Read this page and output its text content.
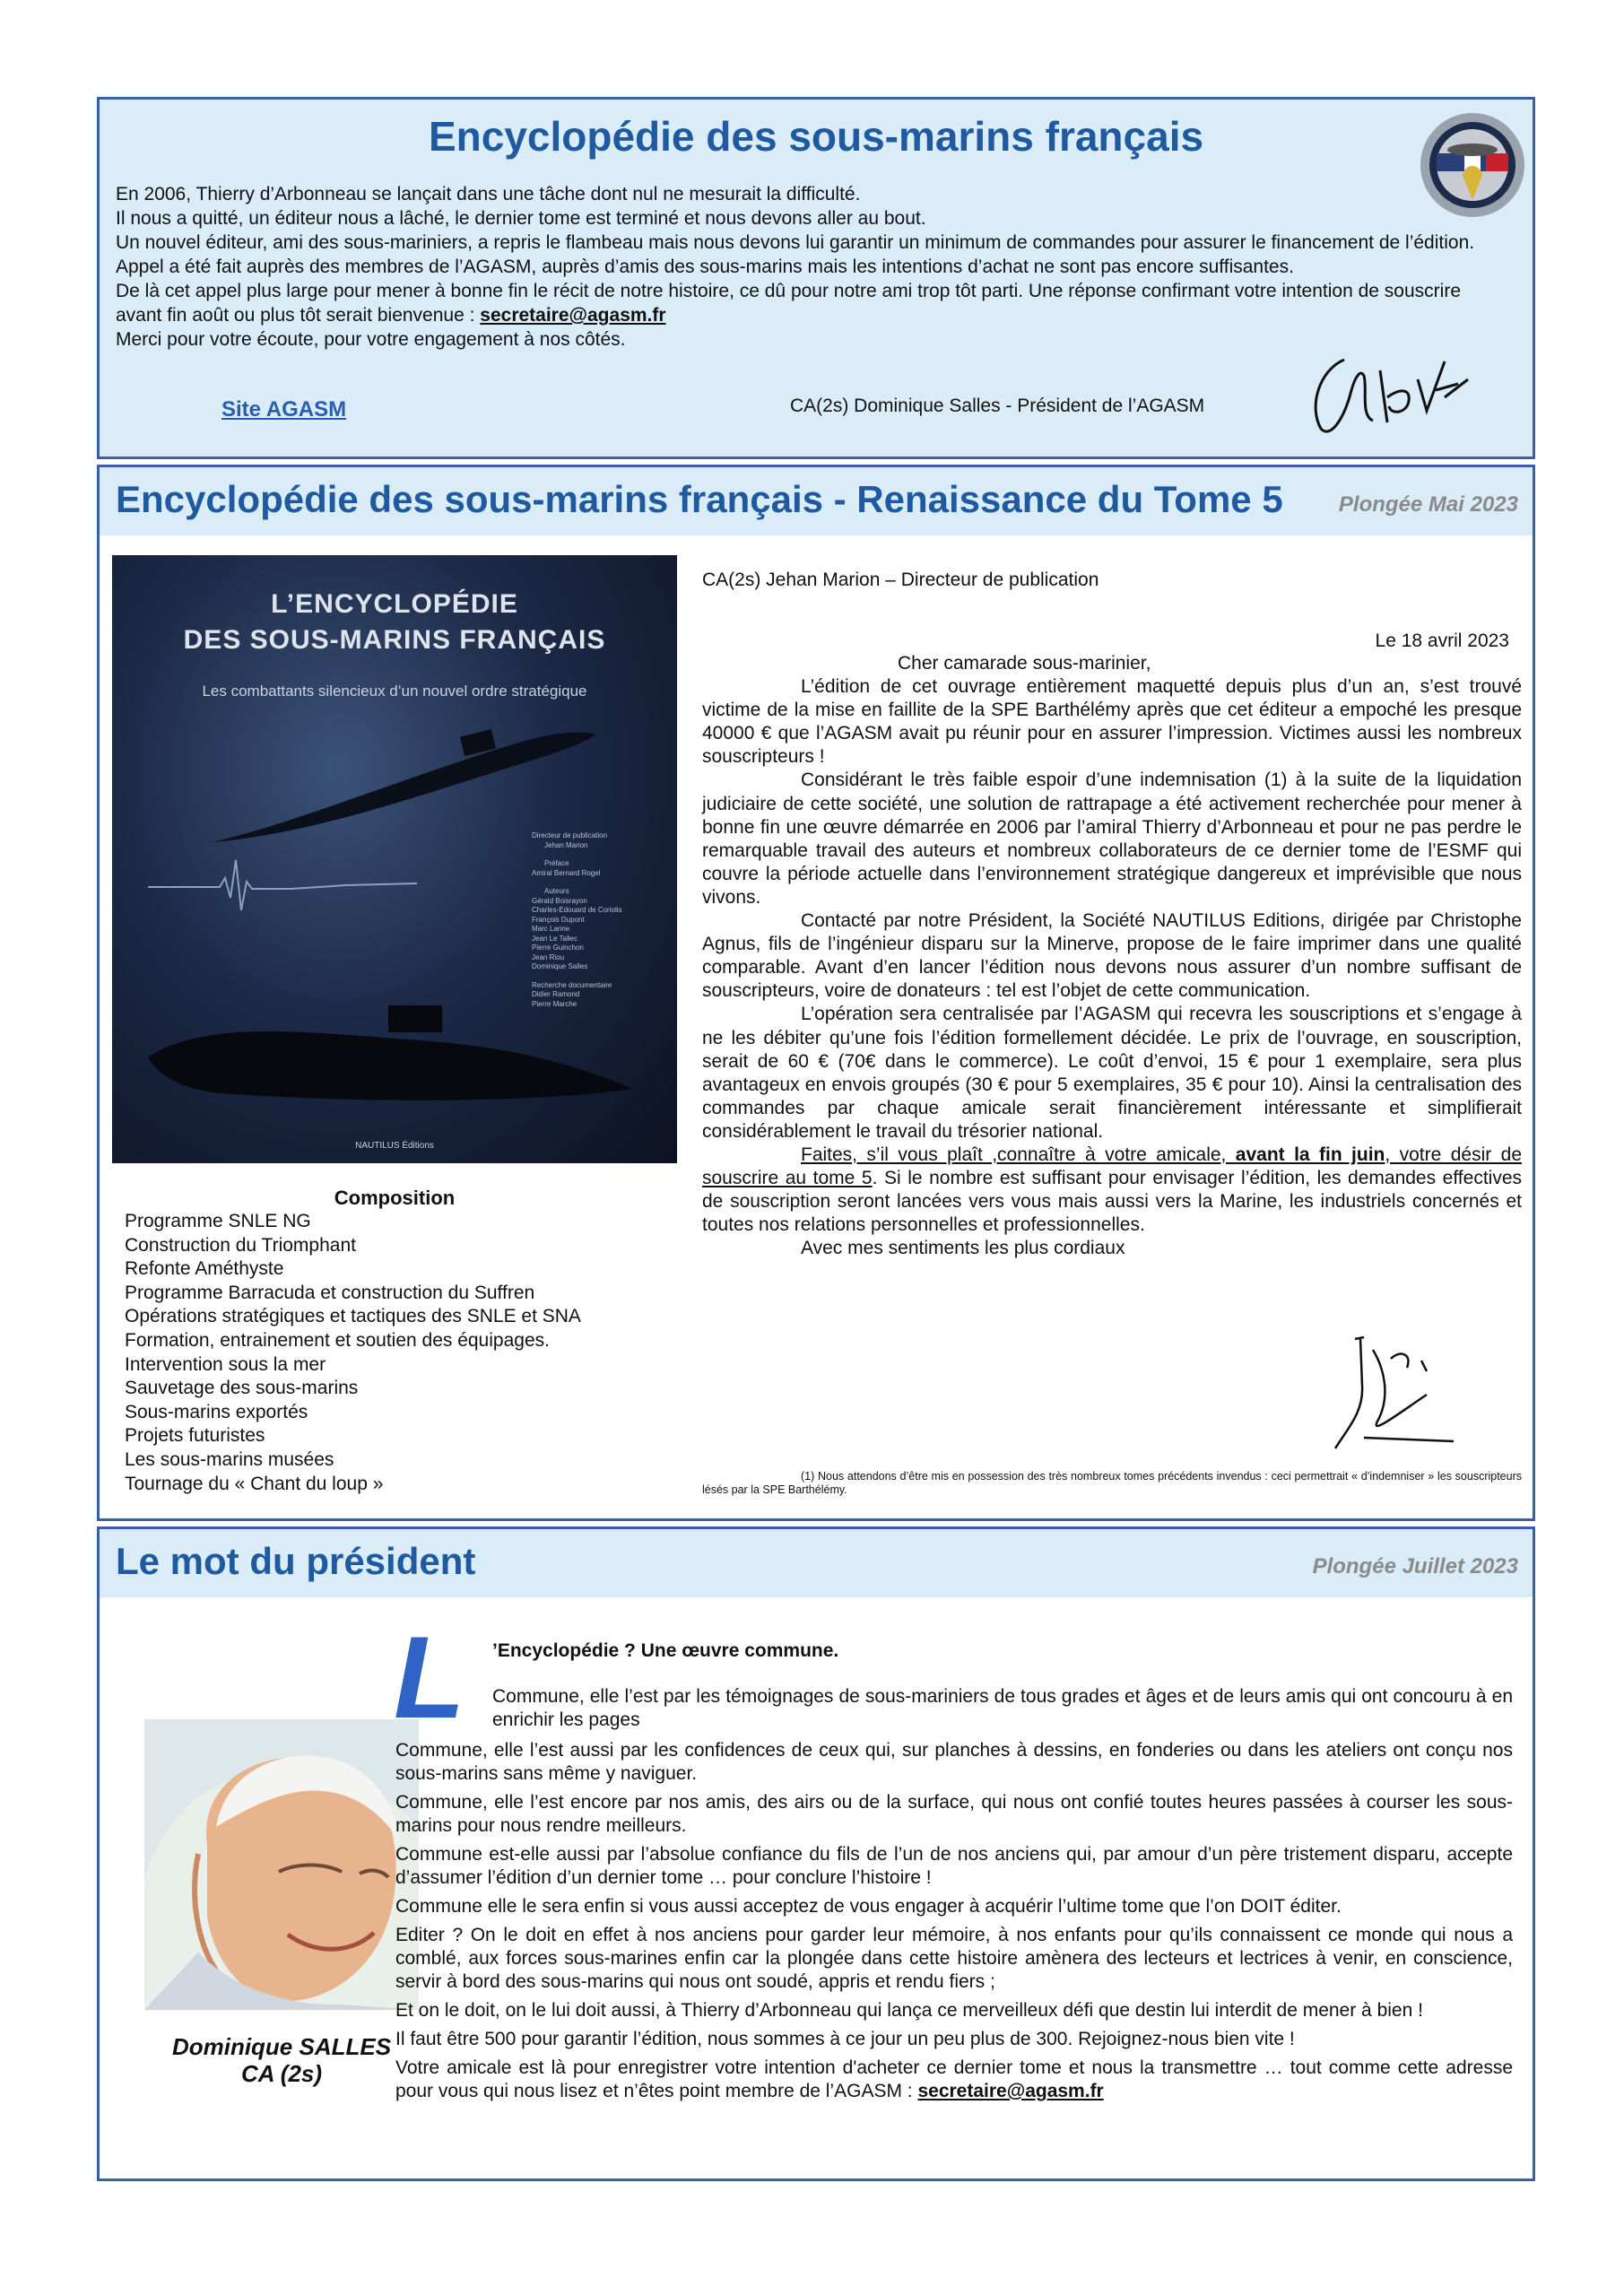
Encyclopédie des sous-marins français

En 2006, Thierry d’Arbonneau se lançait dans une tâche dont nul ne mesurait la difficulté.

Il nous a quitté, un éditeur nous a lâché, le dernier tome est terminé et nous devons aller au bout.

Un nouvel éditeur, ami des sous-mariniers, a repris le flambeau mais nous devons lui garantir un minimum de commandes pour assurer le financement de l’édition.

Appel a été fait auprès des membres de l’AGASM, auprès d’amis des sous-marins mais les intentions d’achat ne sont pas encore suffisantes.

De là cet appel plus large pour mener à bonne fin le récit de notre histoire, ce dû pour notre ami trop tôt parti. Une réponse confirmant votre intention de souscrire avant fin août ou plus tôt serait bienvenue : secretaire@agasm.fr

Merci pour votre écoute, pour votre engagement à nos côtés.

Site AGASM	CA(2s) Dominique Salles - Président de l’AGASM
Encyclopédie des sous-marins français - Renaissance du Tome 5	Plongée Mai 2023
L’ENCYCLOPÉDIE
DES SOUS-MARINS FRANÇAIS
Les combattants silencieux d’un nouvel ordre stratégique
Directeur de publication
Jehan Marion
Préface
Amiral Bernard Rogel
Auteurs
Gérald Boisrayon
Charles-Edouard de Coriolis
François Dupont
Marc Lanne
Jean Le Tallec
Pierre Guinchon
Jean Riou
Dominique Salles
Recherche documentaire
Didier Ramond
Pierre Marche
NAUTILUS Éditions
Composition
Programme SNLE NG
Construction du Triomphant
Refonte Améthyste
Programme Barracuda et construction du Suffren
Opérations stratégiques et tactiques des SNLE et SNA
Formation, entrainement et soutien des équipages.
Intervention sous la mer
Sauvetage des sous-marins
Sous-marins exportés
Projets futuristes
Les sous-marins musées
Tournage du « Chant du loup »
CA(2s) Jehan Marion – Directeur de publication
Le 18 avril 2023

Cher camarade sous-marinier,

L’édition de cet ouvrage entièrement maquetté depuis plus d’un an, s’est trouvé victime de la mise en faillite de la SPE Barthélémy après que cet éditeur a empoché les presque 40000 € que l’AGASM avait pu réunir pour en assurer l’impression. Victimes aussi les nombreux souscripteurs !

Considérant le très faible espoir d’une indemnisation (1) à la suite de la liquidation judiciaire de cette société, une solution de rattrapage a été activement recherchée pour mener à bonne fin une œuvre démarrée en 2006 par l’amiral Thierry d’Arbonneau et pour ne pas perdre le remarquable travail des auteurs et nombreux collaborateurs de ce dernier tome de l’ESMF qui couvre la période actuelle dans l’environnement stratégique dangereux et imprévisible que nous vivons.

Contacté par notre Président, la Société NAUTILUS Editions, dirigée par Christophe Agnus, fils de l’ingénieur disparu sur la Minerve, propose de le faire imprimer dans une qualité comparable. Avant d’en lancer l’édition nous devons nous assurer d’un nombre suffisant de souscripteurs, voire de donateurs : tel est l’objet de cette communication.

L’opération sera centralisée par l’AGASM qui recevra les souscriptions et s’engage à ne les débiter qu’une fois l’édition formellement décidée. Le prix de l’ouvrage, en souscription, serait de 60 € (70€ dans le commerce). Le coût d’envoi, 15 € pour 1 exemplaire, sera plus avantageux en envois groupés (30 € pour 5 exemplaires, 35 € pour 10). Ainsi la centralisation des commandes par chaque amicale serait financièrement intéressante et simplifierait considérablement le travail du trésorier national.

Faites, s’il vous plaît ,connaître à votre amicale, avant la fin juin, votre désir de souscrire au tome 5. Si le nombre est suffisant pour envisager l’édition, les demandes effectives de souscription seront lancées vers vous mais aussi vers la Marine, les industriels concernés et toutes nos relations personnelles et professionnelles.

Avec mes sentiments les plus cordiaux

(1) Nous attendons d’être mis en possession des très nombreux tomes précédents invendus : ceci permettrait « d’indemniser » les souscripteurs lésés par la SPE Barthélémy.
Le mot du président	Plongée Juillet 2023
Dominique SALLES
CA (2s)
L ’Encyclopédie ? Une œuvre commune.
Commune, elle l’est par les témoignages de sous-mariniers de tous grades et âges et de leurs amis qui ont concouru à en enrichir les pages

Commune, elle l’est aussi par les confidences de ceux qui, sur planches à dessins, en fonderies ou dans les ateliers ont conçu nos sous-marins sans même y naviguer.

Commune, elle l’est encore par nos amis, des airs ou de la surface, qui nous ont confié toutes heures passées à courser les sous-marins pour nous rendre meilleurs.

Commune est-elle aussi par l’absolue confiance du fils de l’un de nos anciens qui, par amour d’un père tristement disparu, accepte d’assumer l’édition d’un dernier tome … pour conclure l’histoire !

Commune elle le sera enfin si vous aussi acceptez de vous engager à acquérir l’ultime tome que l’on DOIT éditer.

Editer ? On le doit en effet à nos anciens pour garder leur mémoire, à nos enfants pour qu’ils connaissent ce monde qui nous a comblé, aux forces sous-marines enfin car la plongée dans cette histoire amènera des lecteurs et lectrices à venir, en conscience, servir à bord des sous-marins qui nous ont soudé, appris et rendu fiers ;

Et on le doit, on le lui doit aussi, à Thierry d’Arbonneau qui lança ce merveilleux défi que destin lui interdit de mener à bien !

Il faut être 500 pour garantir l’édition, nous sommes à ce jour un peu plus de 300. Rejoignez-nous bien vite !

Votre amicale est là pour enregistrer votre intention d'acheter ce dernier tome et nous la transmettre … tout comme cette adresse pour vous qui nous lisez et n’êtes point membre de l’AGASM : secretaire@agasm.fr
